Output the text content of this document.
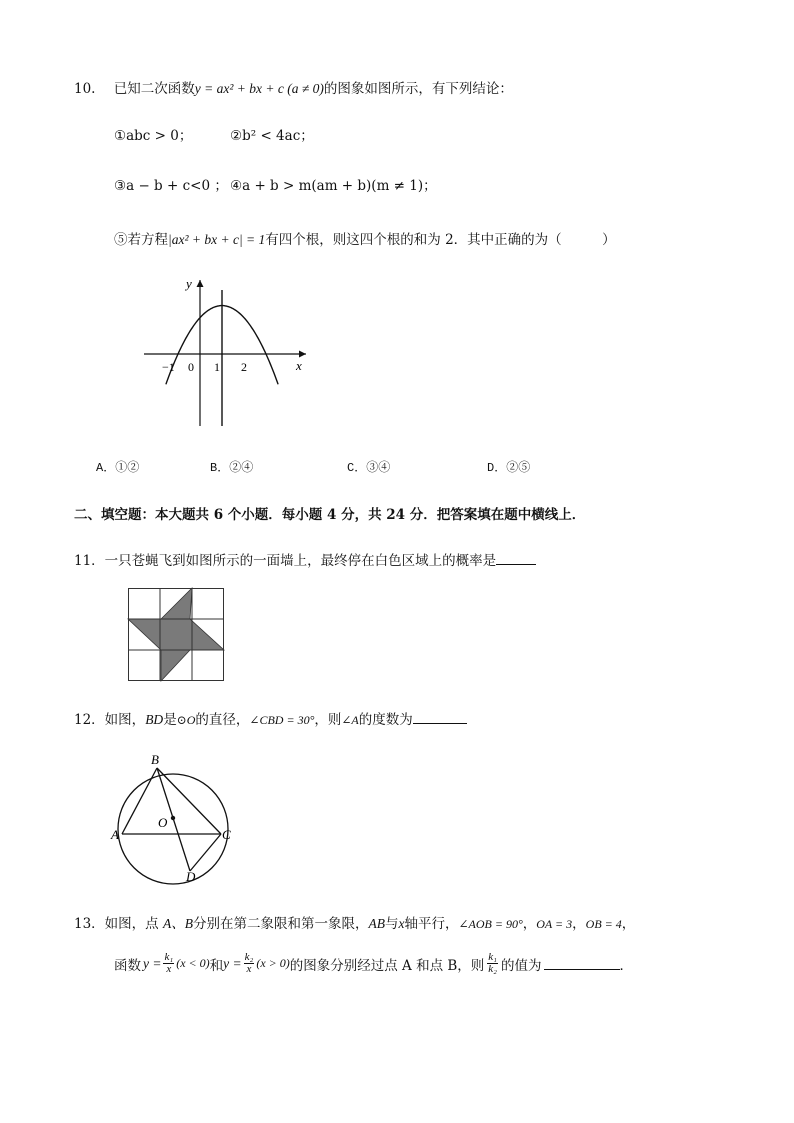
10. 已知二次函数y = ax² + bx + c (a ≠ 0)的图象如图所示，有下列结论：
①abc > 0；	②b² < 4ac；
③a − b + c<0 ； ④a + b > m(am + b)(m ≠ 1)；
⑤若方程|ax² + bx + c| = 1有四个根，则这四个根的和为 2．其中正确的为（　　　）
y
x
−1 0 1 2
A．①②	B．②④	C．③④	D．②⑤
二、填空题：本大题共 6 个小题．每小题 4 分，共 24 分．把答案填在题中横线上．
11．一只苍蝇飞到如图所示的一面墙上，最终停在白色区域上的概率是
12．如图，BD是⊙O的直径，∠CBD = 30°，则∠A的度数为
B
A
O
C
D
13．如图，点 A、B分别在第二象限和第一象限，AB与x轴平行，∠AOB = 90°，OA = 3，OB = 4，
函数 $y = \frac{\text{k₁}}{x} (x < 0)$ 和 $y = \frac{\text{k₂}}{x} (x > 0)$ 的图象分别经过点 A 和点 B，则 $\frac{\text{k₁}}{\text{k₂}}$ 的值为	．
